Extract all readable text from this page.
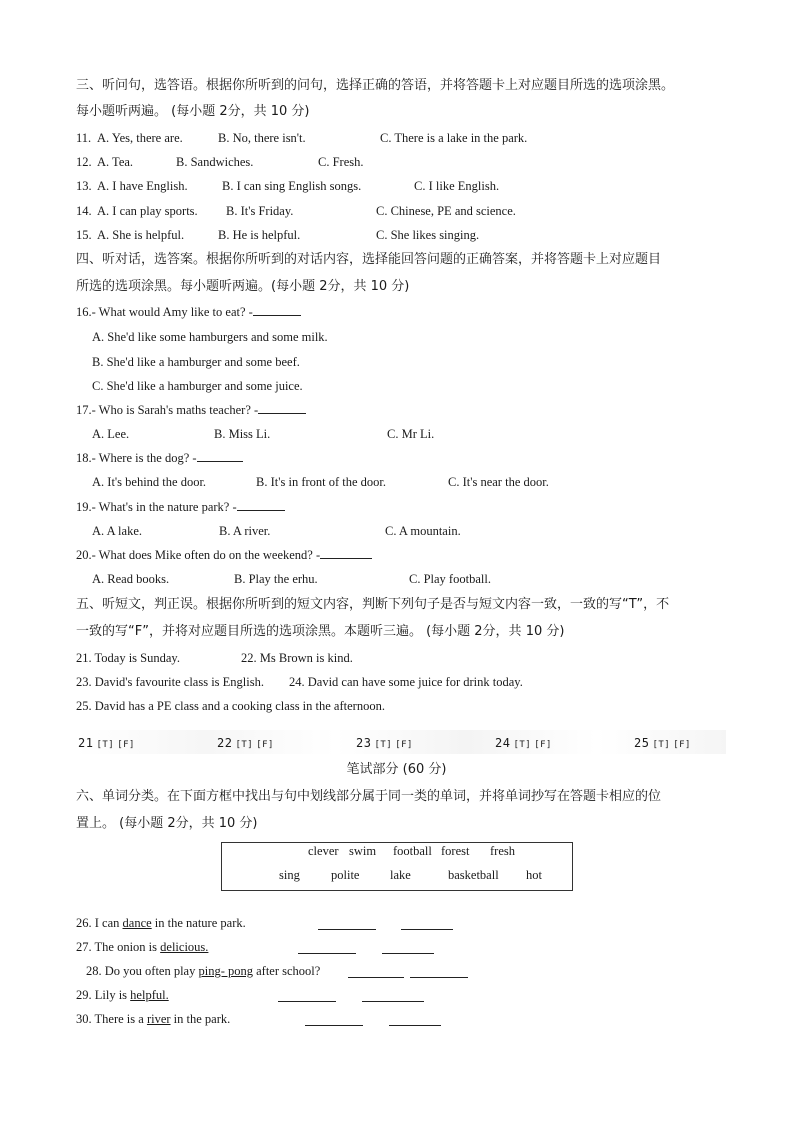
三、听问句，选答语。根据你所听到的问句，选择正确的答语，并将答题卡上对应题目所选的选项涂黑。
每小题听两遍。 (每小题 2分，共 10 分)
11. A. Yes, there are.	B. No, there isn't.	C. There is a lake in the park.
12. A. Tea.	B. Sandwiches.	C. Fresh.
13. A. I have English.	B. I can sing English songs.	C. I like English.
14. A. I can play sports. B. It's Friday.	C. Chinese, PE and science.
15. A. She is helpful.	B. He is helpful.	C. She likes singing.
四、听对话，选答案。根据你所听到的对话内容，选择能回答问题的正确答案，并将答题卡上对应题目
所选的选项涂黑。每小题听两遍。(每小题 2分，共 10 分)
16.- What would Amy like to eat? -
A. She'd like some hamburgers and some milk.
B. She'd like a hamburger and some beef.
C. She'd like a hamburger and some juice.
17.- Who is Sarah's maths teacher? -
A. Lee.	B. Miss Li.	C. Mr Li.
18.- Where is the dog? -
A. It's behind the door.	B. It's in front of the door.	C. It's near the door.
19.- What's in the nature park? -
A. A lake.	B. A river.	C. A mountain.
20.- What does Mike often do on the weekend? -
A. Read books.	B. Play the erhu.	C. Play football.
五、听短文，判正误。根据你所听到的短文内容，判断下列句子是否与短文内容一致，一致的写“T”，不
一致的写“F”，并将对应题目所选的选项涂黑。本题听三遍。 (每小题 2分，共 10 分)
21. Today is Sunday.	22. Ms Brown is kind.
23. David's favourite class is English. 24. David can have some juice for drink today.
25. David has a PE class and a cooking class in the afternoon.
21 [T] [F]	22 [T] [F]	23 [T] [F]	24 [T] [F]	25 [T] [F]
笔试部分 (60 分)
六、单词分类。在下面方框中找出与句中划线部分属于同一类的单词，并将单词抄写在答题卡相应的位
置上。 (每小题 2分，共 10 分)
clever swim football forest fresh
sing polite lake	basketball hot
26. I can dance in the nature park.
27. The onion is delicious.
28. Do you often play ping- pong after school?
29. Lily is helpful.
30. There is a river in the park.
